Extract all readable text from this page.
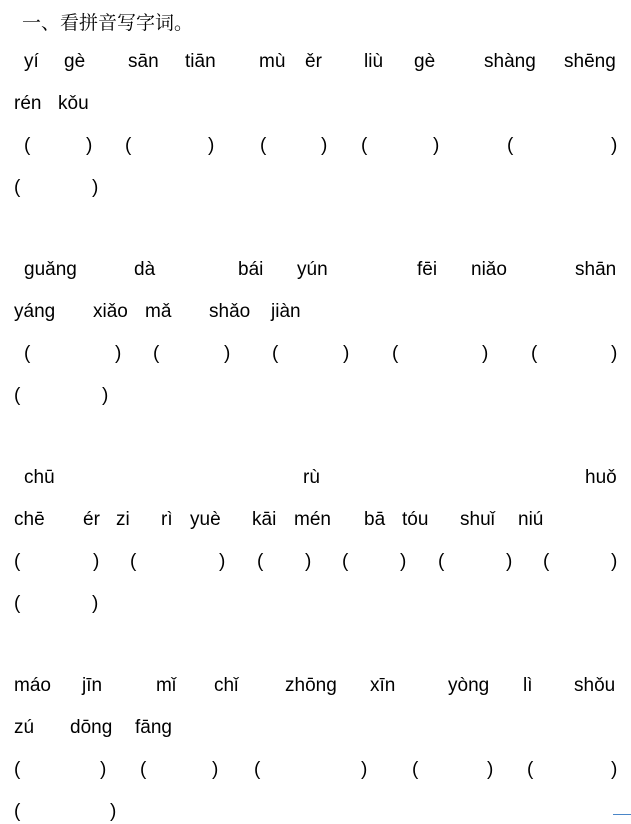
一、看拼音写字词。
yí gè sān tiān mù ěr liù gè	shàng shēng
rén kǒu
(	) (	) (	) (	)	(	)
(	)
guǎng	dà	bái yún	fēi niǎo	shān
yáng xiǎo mǎ shǎo jiàn
(	) (	) (	) (	) (	)
(	)
chū	rù	huǒ
chē ér zi rì yuè kāi mén bā tóu shuǐ niú
(	) (	) ( ) (	) (	) (	)
(	)
máo jīn	mǐ chǐ zhōng xīn	yòng lì shǒu
zú dōng fāng
(	) (	) (	) (	) (	)
(	)
